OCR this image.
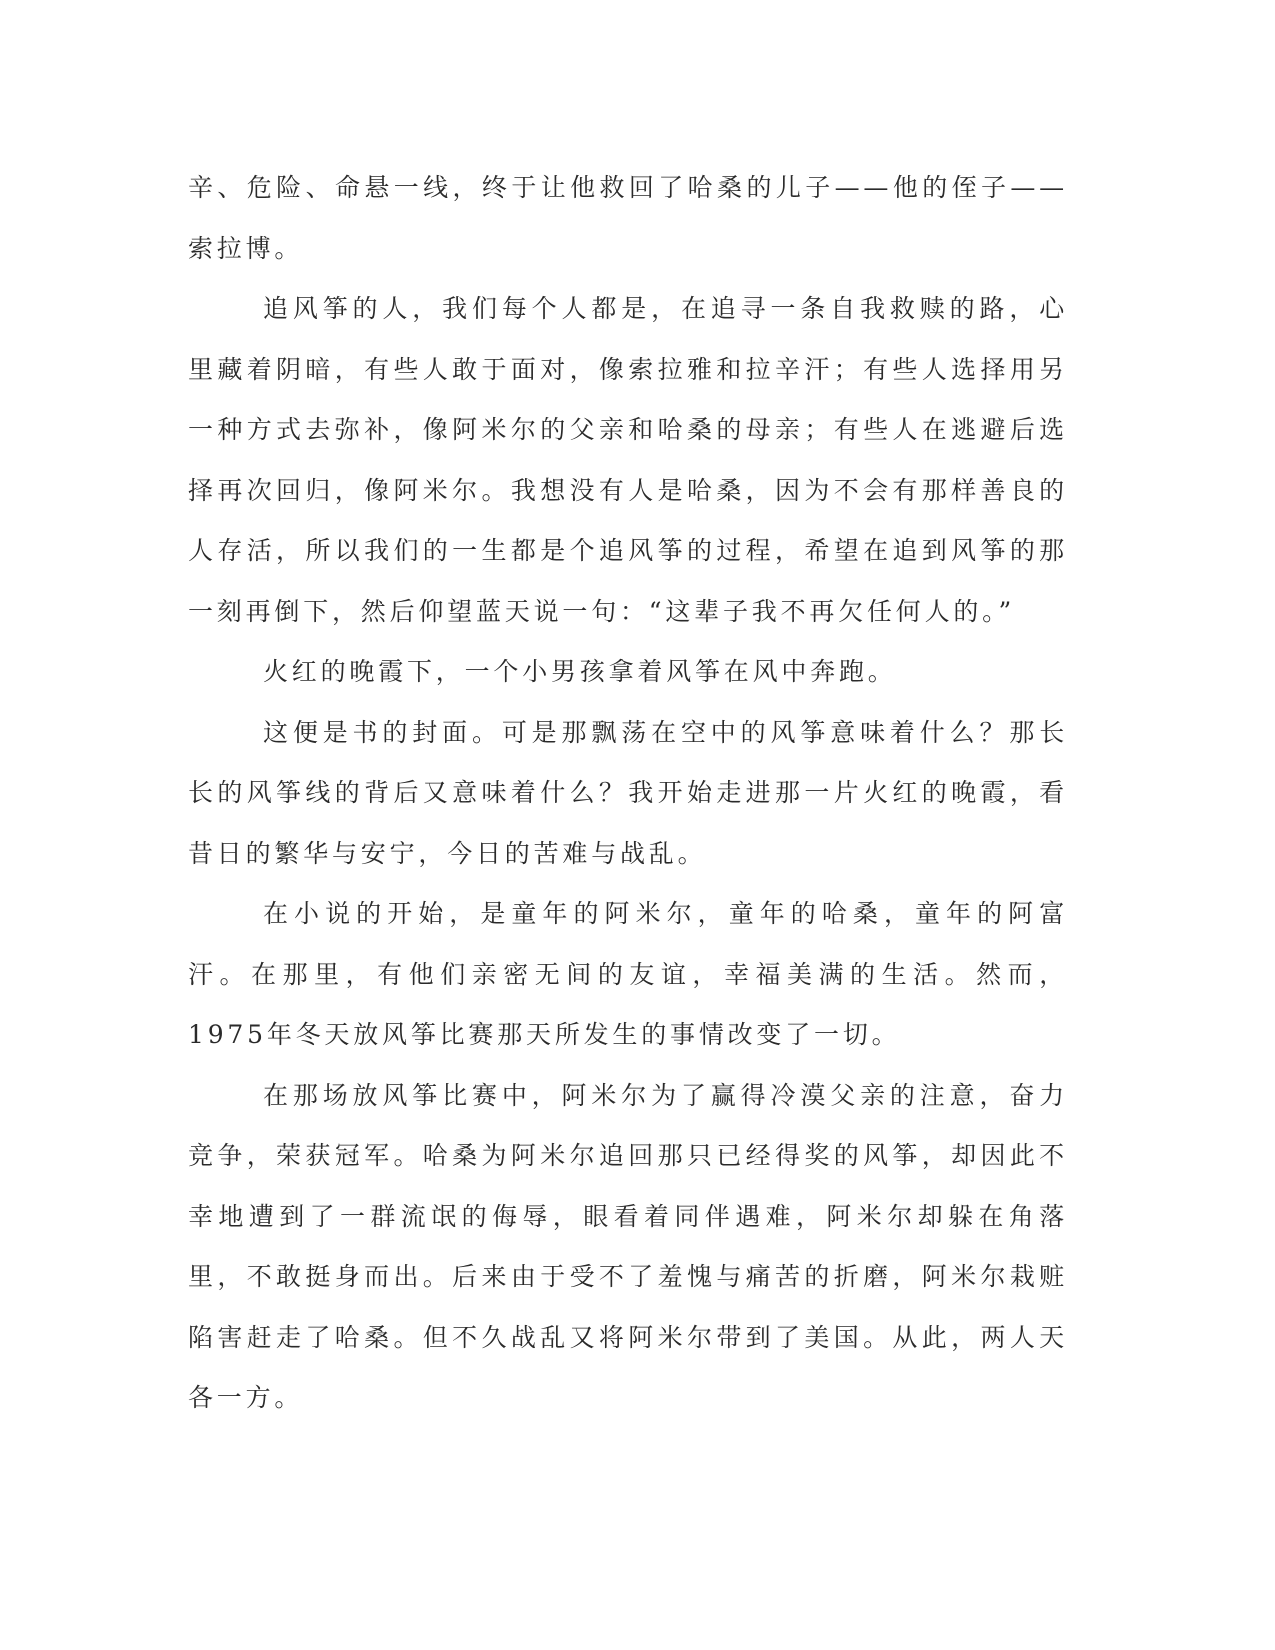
辛、危险、命悬一线，终于让他救回了哈桑的儿子——他的侄子——索拉博。

追风筝的人，我们每个人都是，在追寻一条自我救赎的路，心里藏着阴暗，有些人敢于面对，像索拉雅和拉辛汗；有些人选择用另一种方式去弥补，像阿米尔的父亲和哈桑的母亲；有些人在逃避后选择再次回归，像阿米尔。我想没有人是哈桑，因为不会有那样善良的人存活，所以我们的一生都是个追风筝的过程，希望在追到风筝的那一刻再倒下，然后仰望蓝天说一句：“这辈子我不再欠任何人的。”

火红的晚霞下，一个小男孩拿着风筝在风中奔跑。

这便是书的封面。可是那飘荡在空中的风筝意味着什么？那长长的风筝线的背后又意味着什么？我开始走进那一片火红的晚霞，看昔日的繁华与安宁，今日的苦难与战乱。

在小说的开始，是童年的阿米尔，童年的哈桑，童年的阿富汗。在那里，有他们亲密无间的友谊，幸福美满的生活。然而，1975年冬天放风筝比赛那天所发生的事情改变了一切。

在那场放风筝比赛中，阿米尔为了赢得冷漠父亲的注意，奋力竞争，荣获冠军。哈桑为阿米尔追回那只已经得奖的风筝，却因此不幸地遭到了一群流氓的侮辱，眼看着同伴遇难，阿米尔却躲在角落里，不敢挺身而出。后来由于受不了羞愧与痛苦的折磨，阿米尔栽赃陷害赶走了哈桑。但不久战乱又将阿米尔带到了美国。从此，两人天各一方。
